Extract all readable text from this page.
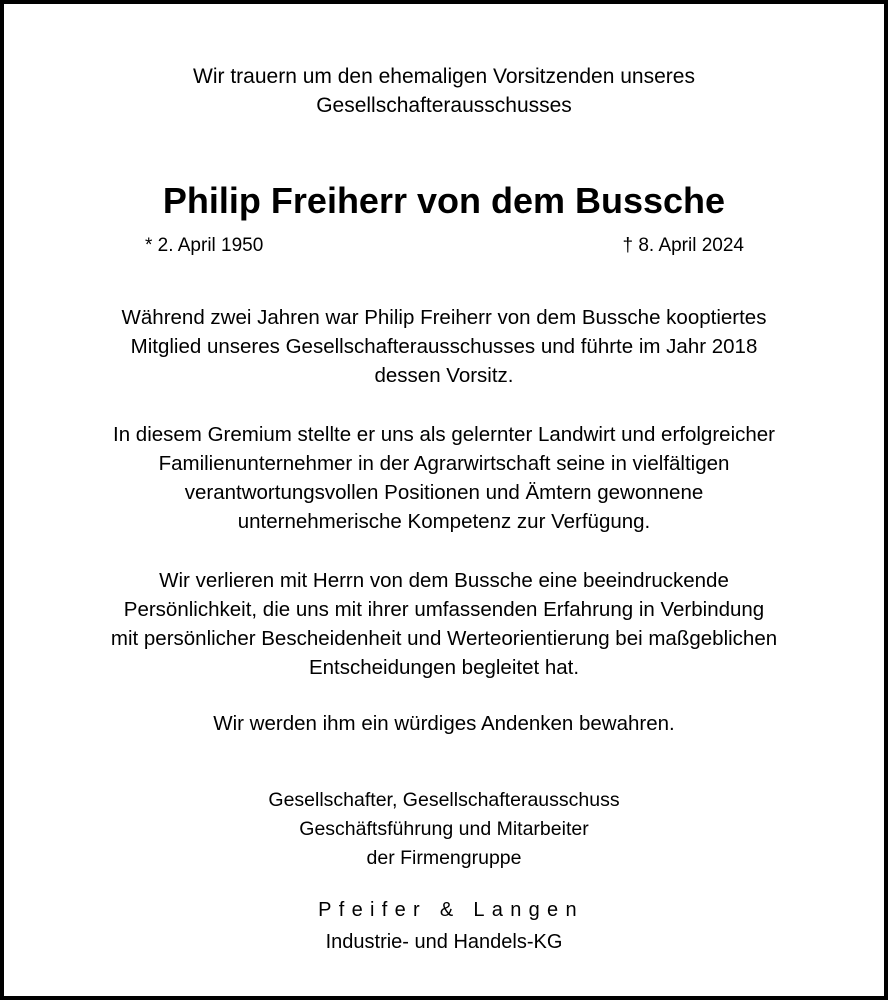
Wir trauern um den ehemaligen Vorsitzenden unseres
Gesellschafterausschusses
Philip Freiherr von dem Bussche
* 2. April 1950	† 8. April 2024
Während zwei Jahren war Philip Freiherr von dem Bussche kooptiertes
Mitglied unseres Gesellschafterausschusses und führte im Jahr 2018
dessen Vorsitz.
In diesem Gremium stellte er uns als gelernter Landwirt und erfolgreicher
Familienunternehmer in der Agrarwirtschaft seine in vielfältigen
verantwortungsvollen Positionen und Ämtern gewonnene
unternehmerische Kompetenz zur Verfügung.
Wir verlieren mit Herrn von dem Bussche eine beeindruckende
Persönlichkeit, die uns mit ihrer umfassenden Erfahrung in Verbindung
mit persönlicher Bescheidenheit und Werteorientierung bei maßgeblichen
Entscheidungen begleitet hat.
Wir werden ihm ein würdiges Andenken bewahren.
Gesellschafter, Gesellschafterausschuss
Geschäftsführung und Mitarbeiter
der Firmengruppe
Pfeifer & Langen
Industrie- und Handels-KG
